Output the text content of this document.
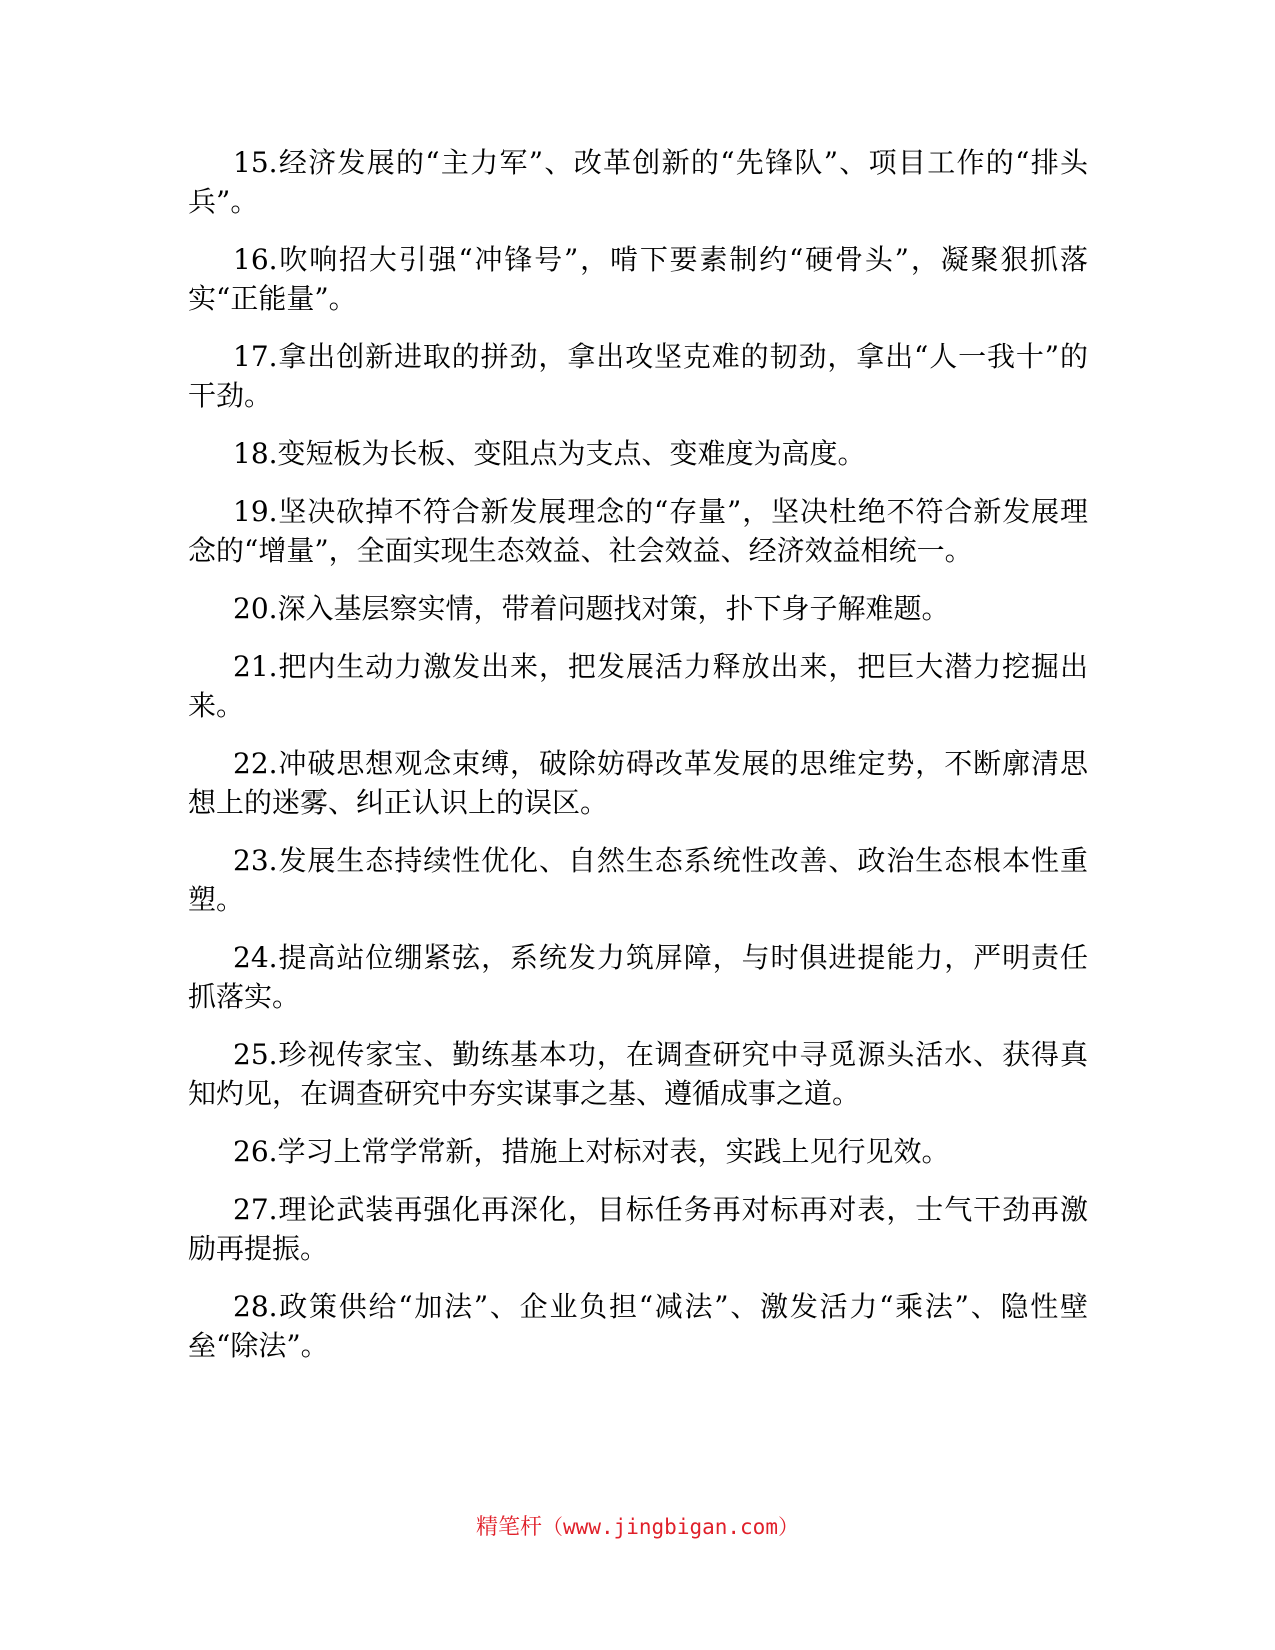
15.经济发展的“主力军”、改革创新的“先锋队”、项目工作的“排头兵”。

16.吹响招大引强“冲锋号”，啃下要素制约“硬骨头”，凝聚狠抓落实“正能量”。

17.拿出创新进取的拼劲，拿出攻坚克难的韧劲，拿出“人一我十”的干劲。

18.变短板为长板、变阻点为支点、变难度为高度。

19.坚决砍掉不符合新发展理念的“存量”，坚决杜绝不符合新发展理念的“增量”，全面实现生态效益、社会效益、经济效益相统一。

20.深入基层察实情，带着问题找对策，扑下身子解难题。

21.把内生动力激发出来，把发展活力释放出来，把巨大潜力挖掘出来。

22.冲破思想观念束缚，破除妨碍改革发展的思维定势，不断廓清思想上的迷雾、纠正认识上的误区。

23.发展生态持续性优化、自然生态系统性改善、政治生态根本性重塑。

24.提高站位绷紧弦，系统发力筑屏障，与时俱进提能力，严明责任抓落实。

25.珍视传家宝、勤练基本功，在调查研究中寻觅源头活水、获得真知灼见，在调查研究中夯实谋事之基、遵循成事之道。

26.学习上常学常新，措施上对标对表，实践上见行见效。

27.理论武装再强化再深化，目标任务再对标再对表，士气干劲再激励再提振。

28.政策供给“加法”、企业负担“减法”、激发活力“乘法”、隐性壁垒“除法”。

精笔杆（www.jingbigan.com）
